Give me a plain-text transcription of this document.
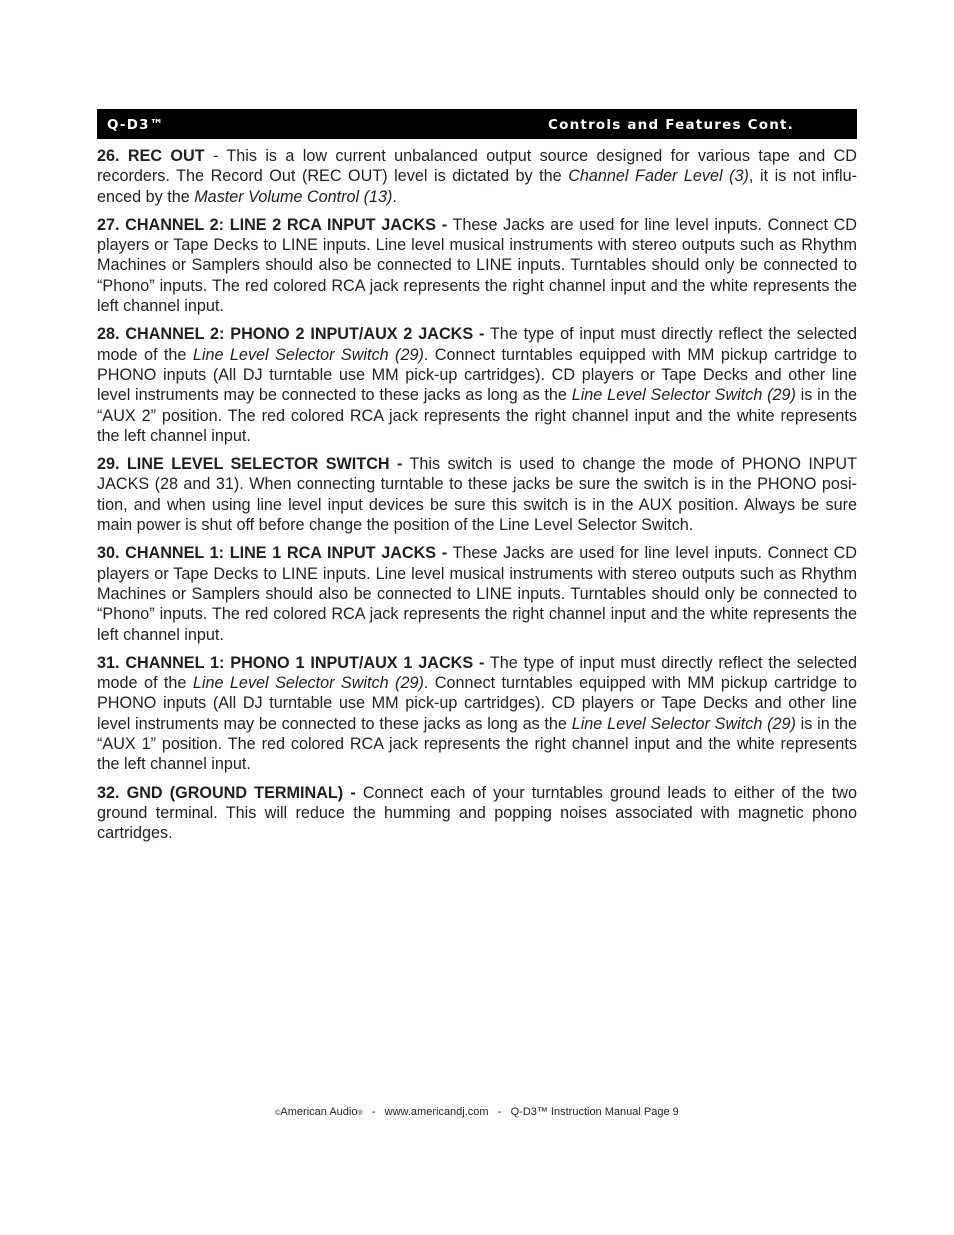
Q-D3™	Controls and Features Cont.

26. REC OUT - This is a low current unbalanced output source designed for various tape and CD recorders. The Record Out (REC OUT) level is dictated by the Channel Fader Level (3), it is not influenced by the Master Volume Control (13).

27. CHANNEL 2: LINE 2 RCA INPUT JACKS - These Jacks are used for line level inputs. Connect CD players or Tape Decks to LINE inputs. Line level musical instruments with stereo outputs such as Rhythm Machines or Samplers should also be connected to LINE inputs. Turntables should only be connected to “Phono” inputs. The red colored RCA jack represents the right channel input and the white represents the left channel input.

28. CHANNEL 2: PHONO 2 INPUT/AUX 2 JACKS - The type of input must directly reflect the selected mode of the Line Level Selector Switch (29). Connect turntables equipped with MM pickup cartridge to PHONO inputs (All DJ turntable use MM pick-up cartridges). CD players or Tape Decks and other line level instruments may be connected to these jacks as long as the Line Level Selector Switch (29) is in the “AUX 2” position. The red colored RCA jack represents the right channel input and the white represents the left channel input.

29. LINE LEVEL SELECTOR SWITCH - This switch is used to change the mode of PHONO INPUT JACKS (28 and 31). When connecting turntable to these jacks be sure the switch is in the PHONO position, and when using line level input devices be sure this switch is in the AUX position. Always be sure main power is shut off before change the position of the Line Level Selector Switch.

30. CHANNEL 1: LINE 1 RCA INPUT JACKS - These Jacks are used for line level inputs. Connect CD players or Tape Decks to LINE inputs. Line level musical instruments with stereo outputs such as Rhythm Machines or Samplers should also be connected to LINE inputs. Turntables should only be connected to “Phono” inputs. The red colored RCA jack represents the right channel input and the white represents the left channel input.

31. CHANNEL 1: PHONO 1 INPUT/AUX 1 JACKS - The type of input must directly reflect the selected mode of the Line Level Selector Switch (29). Connect turntables equipped with MM pickup cartridge to PHONO inputs (All DJ turntable use MM pick-up cartridges). CD players or Tape Decks and other line level instruments may be connected to these jacks as long as the Line Level Selector Switch (29) is in the “AUX 1” position. The red colored RCA jack represents the right channel input and the white represents the left channel input.

32. GND (GROUND TERMINAL) - Connect each of your turntables ground leads to either of the two ground terminal. This will reduce the humming and popping noises associated with magnetic phono cartridges.

©American Audio® - www.americandj.com - Q-D3™ Instruction Manual Page 9
